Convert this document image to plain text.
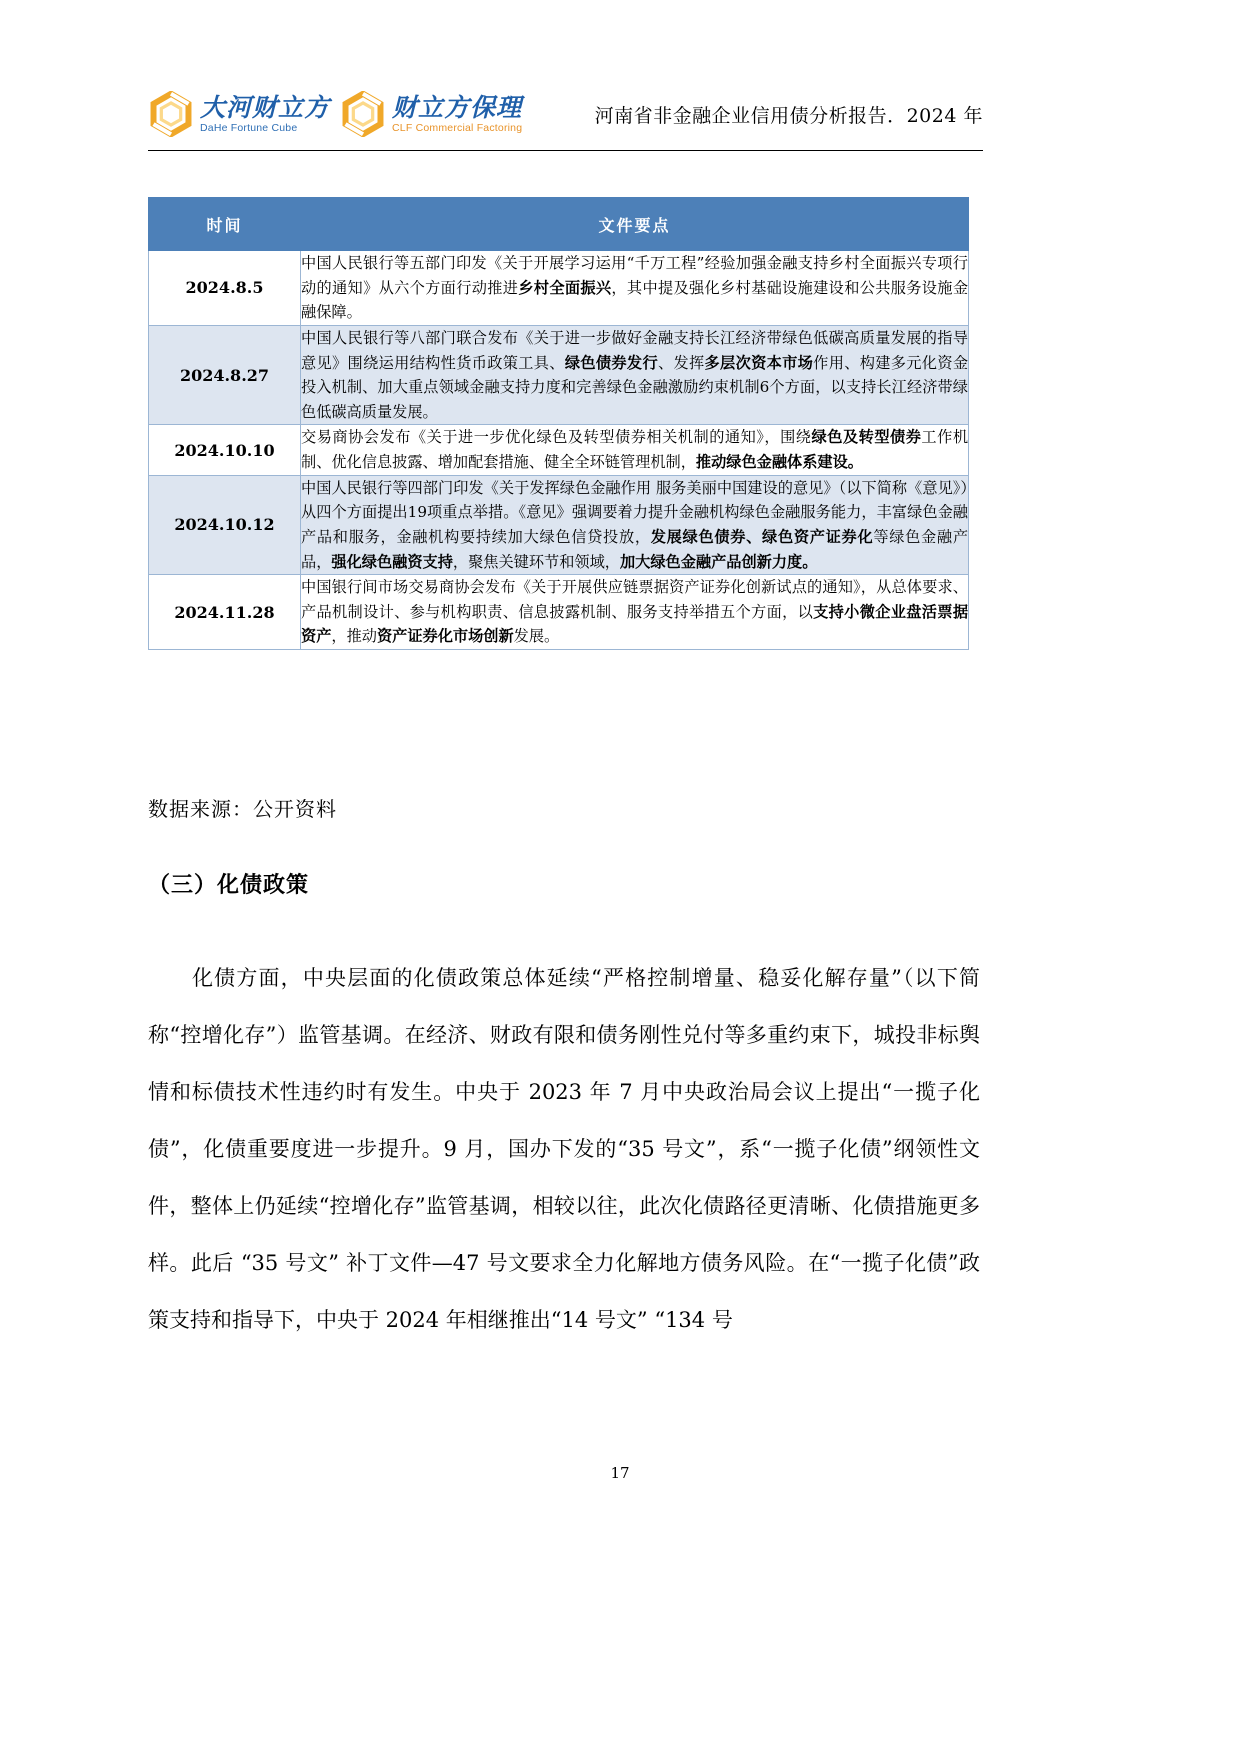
大河财立方
DaHe Fortune Cube
财立方保理
CLF Commercial Factoring
河南省非金融企业信用债分析报告．2024 年
时间	文件要点
2024.8.5	中国人民银行等五部门印发《关于开展学习运用“千万工程”经验加强金融支持乡村全面振兴专项行动的通知》从六个方面行动推进乡村全面振兴，其中提及强化乡村基础设施建设和公共服务设施金融保障。
2024.8.27	中国人民银行等八部门联合发布《关于进一步做好金融支持长江经济带绿色低碳高质量发展的指导意见》围绕运用结构性货币政策工具、绿色债券发行、发挥多层次资本市场作用、构建多元化资金投入机制、加大重点领域金融支持力度和完善绿色金融激励约束机制6个方面，以支持长江经济带绿色低碳高质量发展。
2024.10.10	交易商协会发布《关于进一步优化绿色及转型债券相关机制的通知》，围绕绿色及转型债券工作机制、优化信息披露、增加配套措施、健全全环链管理机制，推动绿色金融体系建设。
2024.10.12	中国人民银行等四部门印发《关于发挥绿色金融作用 服务美丽中国建设的意见》（以下简称《意见》）从四个方面提出19项重点举措。《意见》强调要着力提升金融机构绿色金融服务能力，丰富绿色金融产品和服务，金融机构要持续加大绿色信贷投放，发展绿色债券、绿色资产证券化等绿色金融产品，强化绿色融资支持，聚焦关键环节和领域，加大绿色金融产品创新力度。
2024.11.28	中国银行间市场交易商协会发布《关于开展供应链票据资产证券化创新试点的通知》，从总体要求、产品机制设计、参与机构职责、信息披露机制、服务支持举措五个方面，以支持小微企业盘活票据资产，推动资产证券化市场创新发展。
数据来源：公开资料
（三）化债政策
化债方面，中央层面的化债政策总体延续“严格控制增量、稳妥化解存量”（以下简称“控增化存”）监管基调。在经济、财政有限和债务刚性兑付等多重约束下，城投非标舆情和标债技术性违约时有发生。中央于 2023 年 7 月中央政治局会议上提出“一揽子化债”，化债重要度进一步提升。9 月，国办下发的“35 号文”，系“一揽子化债”纲领性文件，整体上仍延续“控增化存”监管基调，相较以往，此次化债路径更清晰、化债措施更多样。此后 “35 号文” 补丁文件—47 号文要求全力化解地方债务风险。在“一揽子化债”政策支持和指导下，中央于 2024 年相继推出“14 号文” “134 号
17
